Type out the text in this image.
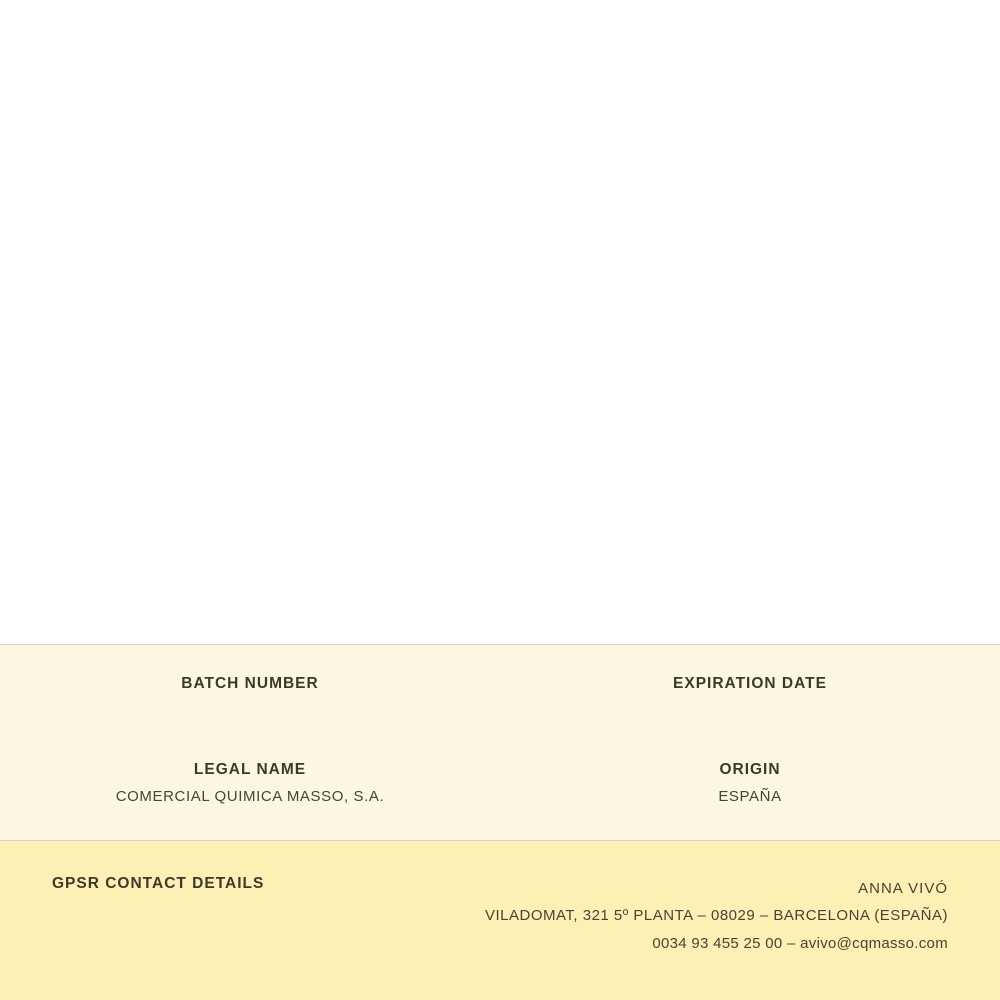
BATCH NUMBER	EXPIRATION DATE
LEGAL NAME
COMERCIAL QUIMICA MASSO, S.A.
ORIGIN
ESPAÑA
GPSR CONTACT DETAILS	ANNA VIVÓ
VILADOMAT, 321 5º PLANTA – 08029 – BARCELONA (ESPAÑA)
0034 93 455 25 00 – avivo@cqmasso.com
